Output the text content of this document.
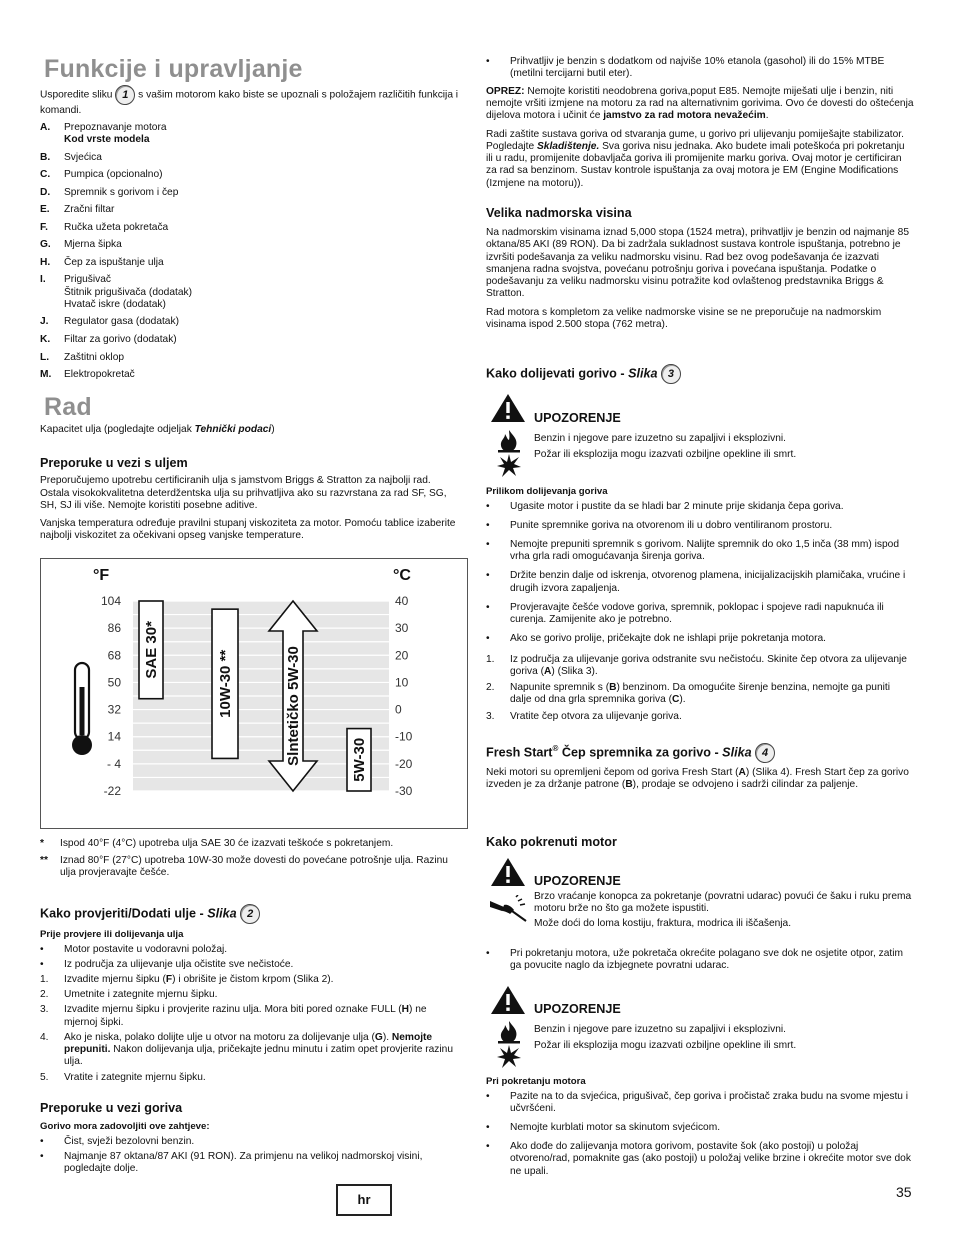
Funkcije i upravljanje

Usporedite sliku 1 s vašim motorom kako biste se upoznali s položajem različitih funkcija i komandi.

A.	Prepoznavanje motora
Kod vrste modela
B.	Svjećica
C.	Pumpica (opcionalno)
D.	Spremnik s gorivom i čep
E.	Zračni filtar
F.	Ručka užeta pokretača
G.	Mjerna šipka
H.	Čep za ispuštanje ulja
I.	Prigušivač
Štitnik prigušivača (dodatak)
Hvatač iskre (dodatak)
J.	Regulator gasa (dodatak)
K.	Filtar za gorivo (dodatak)
L.	Zaštitni oklop
M.	Elektropokretač
Rad

Kapacitet ulja (pogledajte odjeljak Tehnički podaci)

Preporuke u vezi s uljem

Preporučujemo upotrebu certificiranih ulja s jamstvom Briggs & Stratton za najbolji rad. Ostala visokokvalitetna deterdžentska ulja su prihvatljiva ako su razvrstana za rad SF, SG, SH, SJ ili više. Nemojte koristiti posebne aditive.

Vanjska temperatura određuje pravilni stupanj viskoziteta za motor. Pomoću tablice izaberite najbolji viskozitet za očekivani opseg vanjske temperature.

*	Ispod 40°F (4°C) upotreba ulja SAE 30 će izazvati teškoće s pokretanjem.
**	Iznad 80°F (27°C) upotreba 10W-30 može dovesti do povećane potrošnje ulja. Razinu ulja provjeravajte češće.
Kako provjeriti/Dodati ulje - Slika 2
Prije provjere ili dolijevanja ulja
•	Motor postavite u vodoravni položaj.
•	Iz područja za ulijevanje ulja očistite sve nečistoće.
1.	Izvadite mjernu šipku (F) i obrišite je čistom krpom (Slika 2).
2.	Umetnite i zategnite mjernu šipku.
3.	Izvadite mjernu šipku i provjerite razinu ulja. Mora biti pored oznake FULL (H) ne mjernoj šipki.
4.	Ako je niska, polako dolijte ulje u otvor na motoru za dolijevanje ulja (G). Nemojte prepuniti. Nakon dolijevanja ulja, pričekajte jednu minutu i zatim opet provjerite razinu ulja.
5.	Vratite i zategnite mjernu šipku.
Preporuke u vezi goriva
Gorivo mora zadovoljiti ove zahtjeve:
•	Čist, svježi bezolovni benzin.
•	Najmanje 87 oktana/87 AKI (91 RON). Za primjenu na velikoj nadmorskoj visini, pogledajte dolje.
104
86
68
50
32
14
- 4
-22
40
30
20
10
0
-10
-20
-30
°F	°C
SAE 30*	10W-30 **	Slntetičko 5W-30	5W-30
•	Prihvatljiv je benzin s dodatkom od najviše 10% etanola (gasohol) ili do 15% MTBE (metilni tercijarni butil eter).

OPREZ: Nemojte koristiti neodobrena goriva,poput E85. Nemojte miješati ulje i benzin, niti nemojte vršiti izmjene na motoru za rad na alternativnim gorivima. Ovo će dovesti do oštećenja dijelova motora i učinit će jamstvo za rad motora nevažećim.

Radi zaštite sustava goriva od stvaranja gume, u gorivo pri ulijevanju pomiješajte stabilizator. Pogledajte Skladištenje. Sva goriva nisu jednaka. Ako budete imali poteškoća pri pokretanju ili u radu, promijenite dobavljača goriva ili promijenite marku goriva. Ovaj motor je certificiran za rad sa benzinom. Sustav kontrole ispuštanja za ovaj motora je EM (Engine Modifications (Izmjene na motoru)).

Velika nadmorska visina

Na nadmorskim visinama iznad 5,000 stopa (1524 metra), prihvatljiv je benzin od najmanje 85 oktana/85 AKI (89 RON). Da bi zadržala sukladnost sustava kontrole ispuštanja, potrebno je izvršiti podešavanja za veliku nadmorsku visinu. Rad bez ovog podešavanja će izazvati smanjena radna svojstva, povećanu potrošnju goriva i povećana ispuštanja. Podatke o podešavanju za veliku nadmorsku visinu potražite kod ovlaštenog predstavnika Briggs & Stratton.

Rad motora s kompletom za velike nadmorske visine se ne preporučuje na nadmorskim visinama ispod 2.500 stopa (762 metra).

Kako dolijevati gorivo - Slika 3
UPOZORENJE
Benzin i njegove pare izuzetno su zapaljivi i eksplozivni.
Požar ili eksplozija mogu izazvati ozbiljne opekline ili smrt.
Prilikom dolijevanja goriva
•	Ugasite motor i pustite da se hladi bar 2 minute prije skidanja čepa goriva.
•	Punite spremnike goriva na otvorenom ili u dobro ventiliranom prostoru.
•	Nemojte prepuniti spremnik s gorivom. Nalijte spremnik do oko 1,5 inča (38 mm) ispod vrha grla radi omogućavanja širenja goriva.
•	Držite benzin dalje od iskrenja, otvorenog plamena, inicijalizacijskih plamičaka, vrućine i drugih izvora zapaljenja.
•	Provjeravajte češće vodove goriva, spremnik, poklopac i spojeve radi napuknuća ili curenja. Zamijenite ako je potrebno.
•	Ako se gorivo prolije, pričekajte dok ne ishlapi prije pokretanja motora.
1.	Iz područja za ulijevanje goriva odstranite svu nečistoću. Skinite čep otvora za ulijevanje goriva (A) (Slika 3).
2.	Napunite spremnik s (B) benzinom. Da omogućite širenje benzina, nemojte ga puniti dalje od dna grla spremnika goriva (C).
3.	Vratite čep otvora za ulijevanje goriva.
Fresh Start® Čep spremnika za gorivo - Slika 4

Neki motori su opremljeni čepom od goriva Fresh Start (A) (Slika 4). Fresh Start čep za gorivo izveden je za držanje patrone (B), prodaje se odvojeno i sadrži cilindar za paljenje.

Kako pokrenuti motor
UPOZORENJE
Brzo vraćanje konopca za pokretanje (povratni udarac) povući će šaku i ruku prema motoru brže no što ga možete ispustiti.
Može doći do loma kostiju, fraktura, modrica ili iščašenja.
•	Pri pokretanju motora, uže pokretača okrećite polagano sve dok ne osjetite otpor, zatim ga povucite naglo da izbjegnete povratni udarac.
UPOZORENJE
Benzin i njegove pare izuzetno su zapaljivi i eksplozivni.
Požar ili eksplozija mogu izazvati ozbiljne opekline ili smrt.
Pri pokretanju motora
•	Pazite na to da svjećica, prigušivač, čep goriva i pročistač zraka budu na svome mjestu i učvršćeni.
•	Nemojte kurblati motor sa skinutom svjećicom.
•	Ako dođe do zalijevanja motora gorivom, postavite šok (ako postoji) u položaj otvoreno/rad, pomaknite gas (ako postoji) u položaj velike brzine i okrećite motor sve dok ne upali.
hr	35
